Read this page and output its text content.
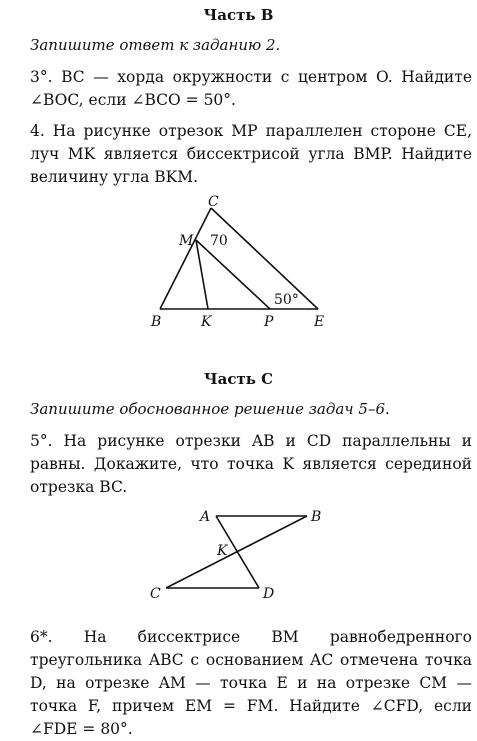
Часть B
Запишите ответ к заданию 2.
3°. BC — хорда окружности с центром O. Найдите ∠BOC, если ∠BCO = 50°.
4. На рисунке отрезок MP параллелен стороне CE, луч MK является биссектрисой угла BMP. Найдите величину угла BKM.
C
M 70
50°
B	K	P	E
Часть C
Запишите обоснованное решение задач 5–6.
5°. На рисунке отрезки AB и CD параллельны и равны. Докажите, что точка K является серединой отрезка BC.
A	B
K
C	D
6*. На биссектрисе BM равнобедренного треугольника ABC с основанием AC отмечена точка D, на отрезке AM — точка E и на отрезке CM — точка F, причем EM = FM. Найдите ∠CFD, если ∠FDE = 80°.
